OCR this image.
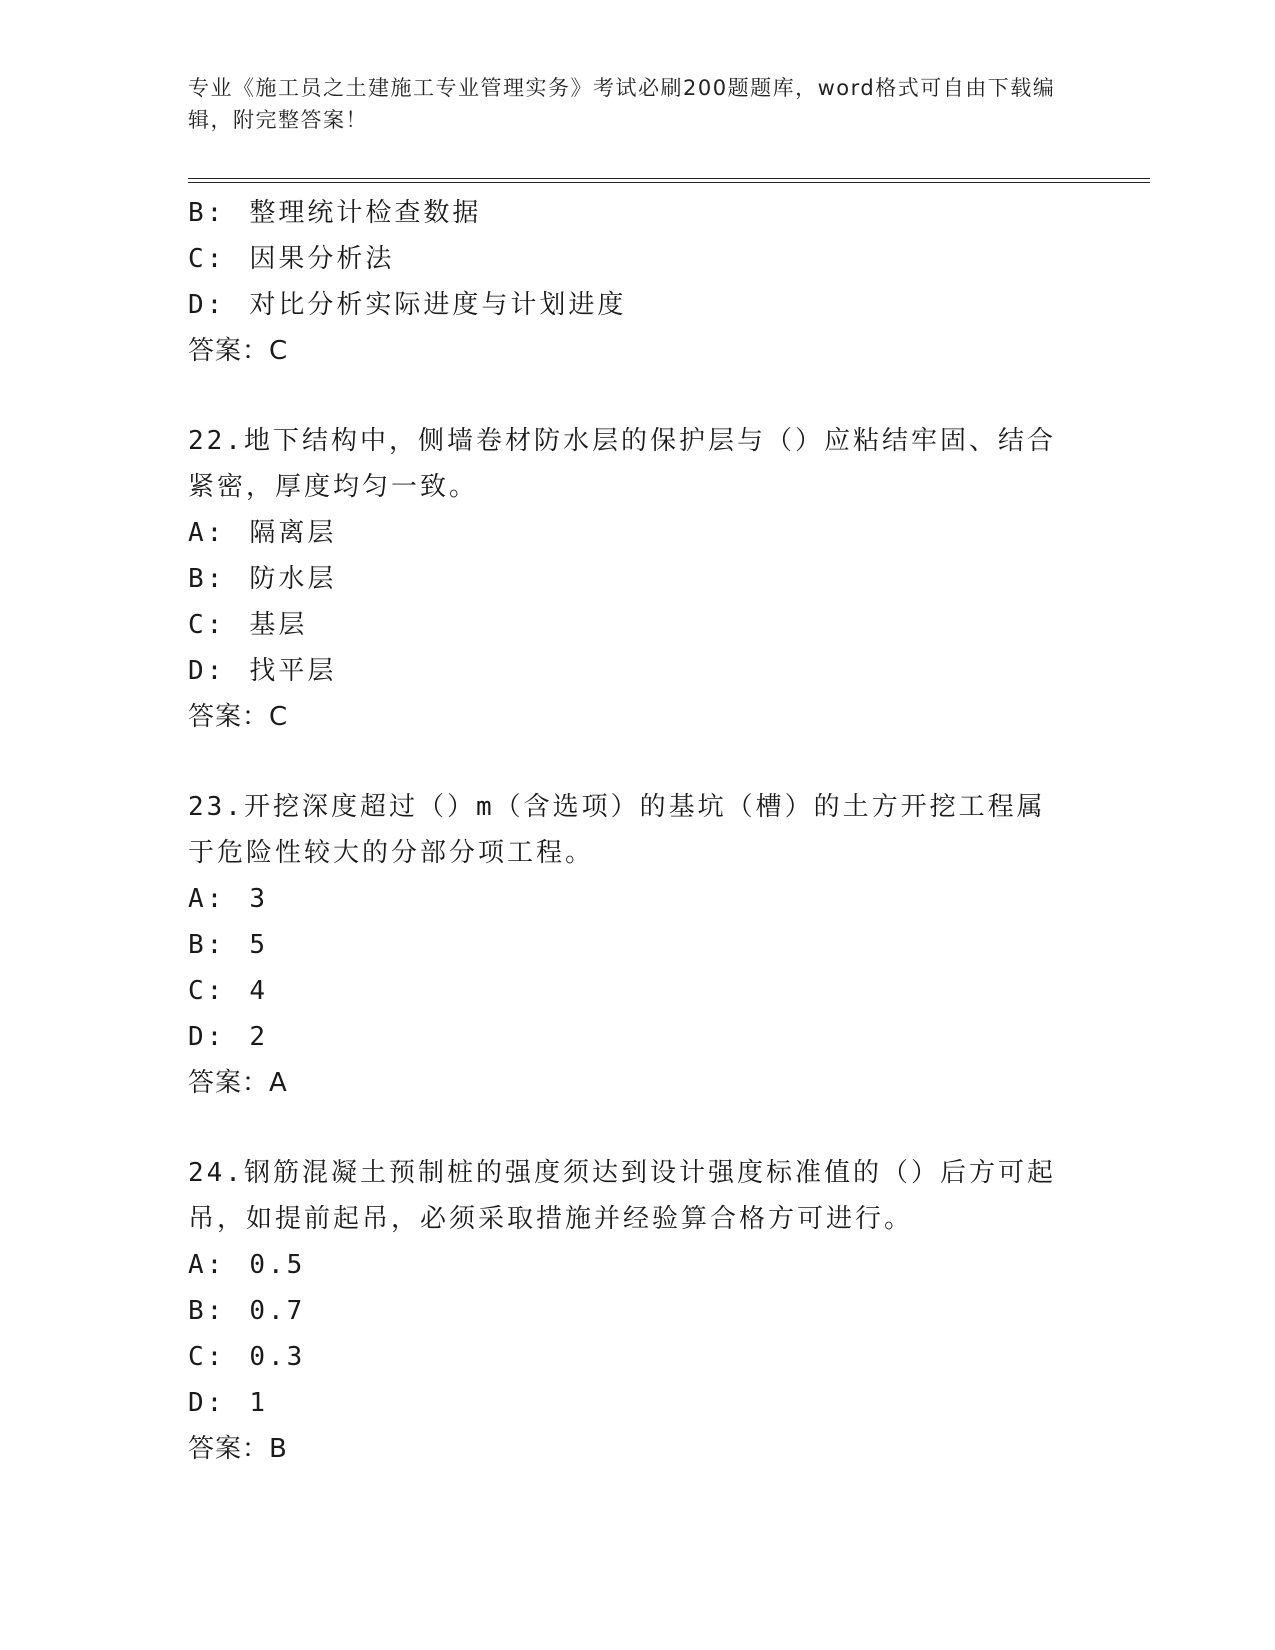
专业《施工员之土建施工专业管理实务》考试必刷200题题库，word格式可自由下载编辑，附完整答案！
B: 整理统计检查数据
C: 因果分析法
D: 对比分析实际进度与计划进度
答案：C
22.地下结构中，侧墙卷材防水层的保护层与（）应粘结牢固、结合紧密，厚度均匀一致。
A: 隔离层
B: 防水层
C: 基层
D: 找平层
答案：C
23.开挖深度超过（）m（含选项）的基坑（槽）的土方开挖工程属于危险性较大的分部分项工程。
A: 3
B: 5
C: 4
D: 2
答案：A
24.钢筋混凝土预制桩的强度须达到设计强度标准值的（）后方可起吊，如提前起吊，必须采取措施并经验算合格方可进行。
A: 0.5
B: 0.7
C: 0.3
D: 1
答案：B
